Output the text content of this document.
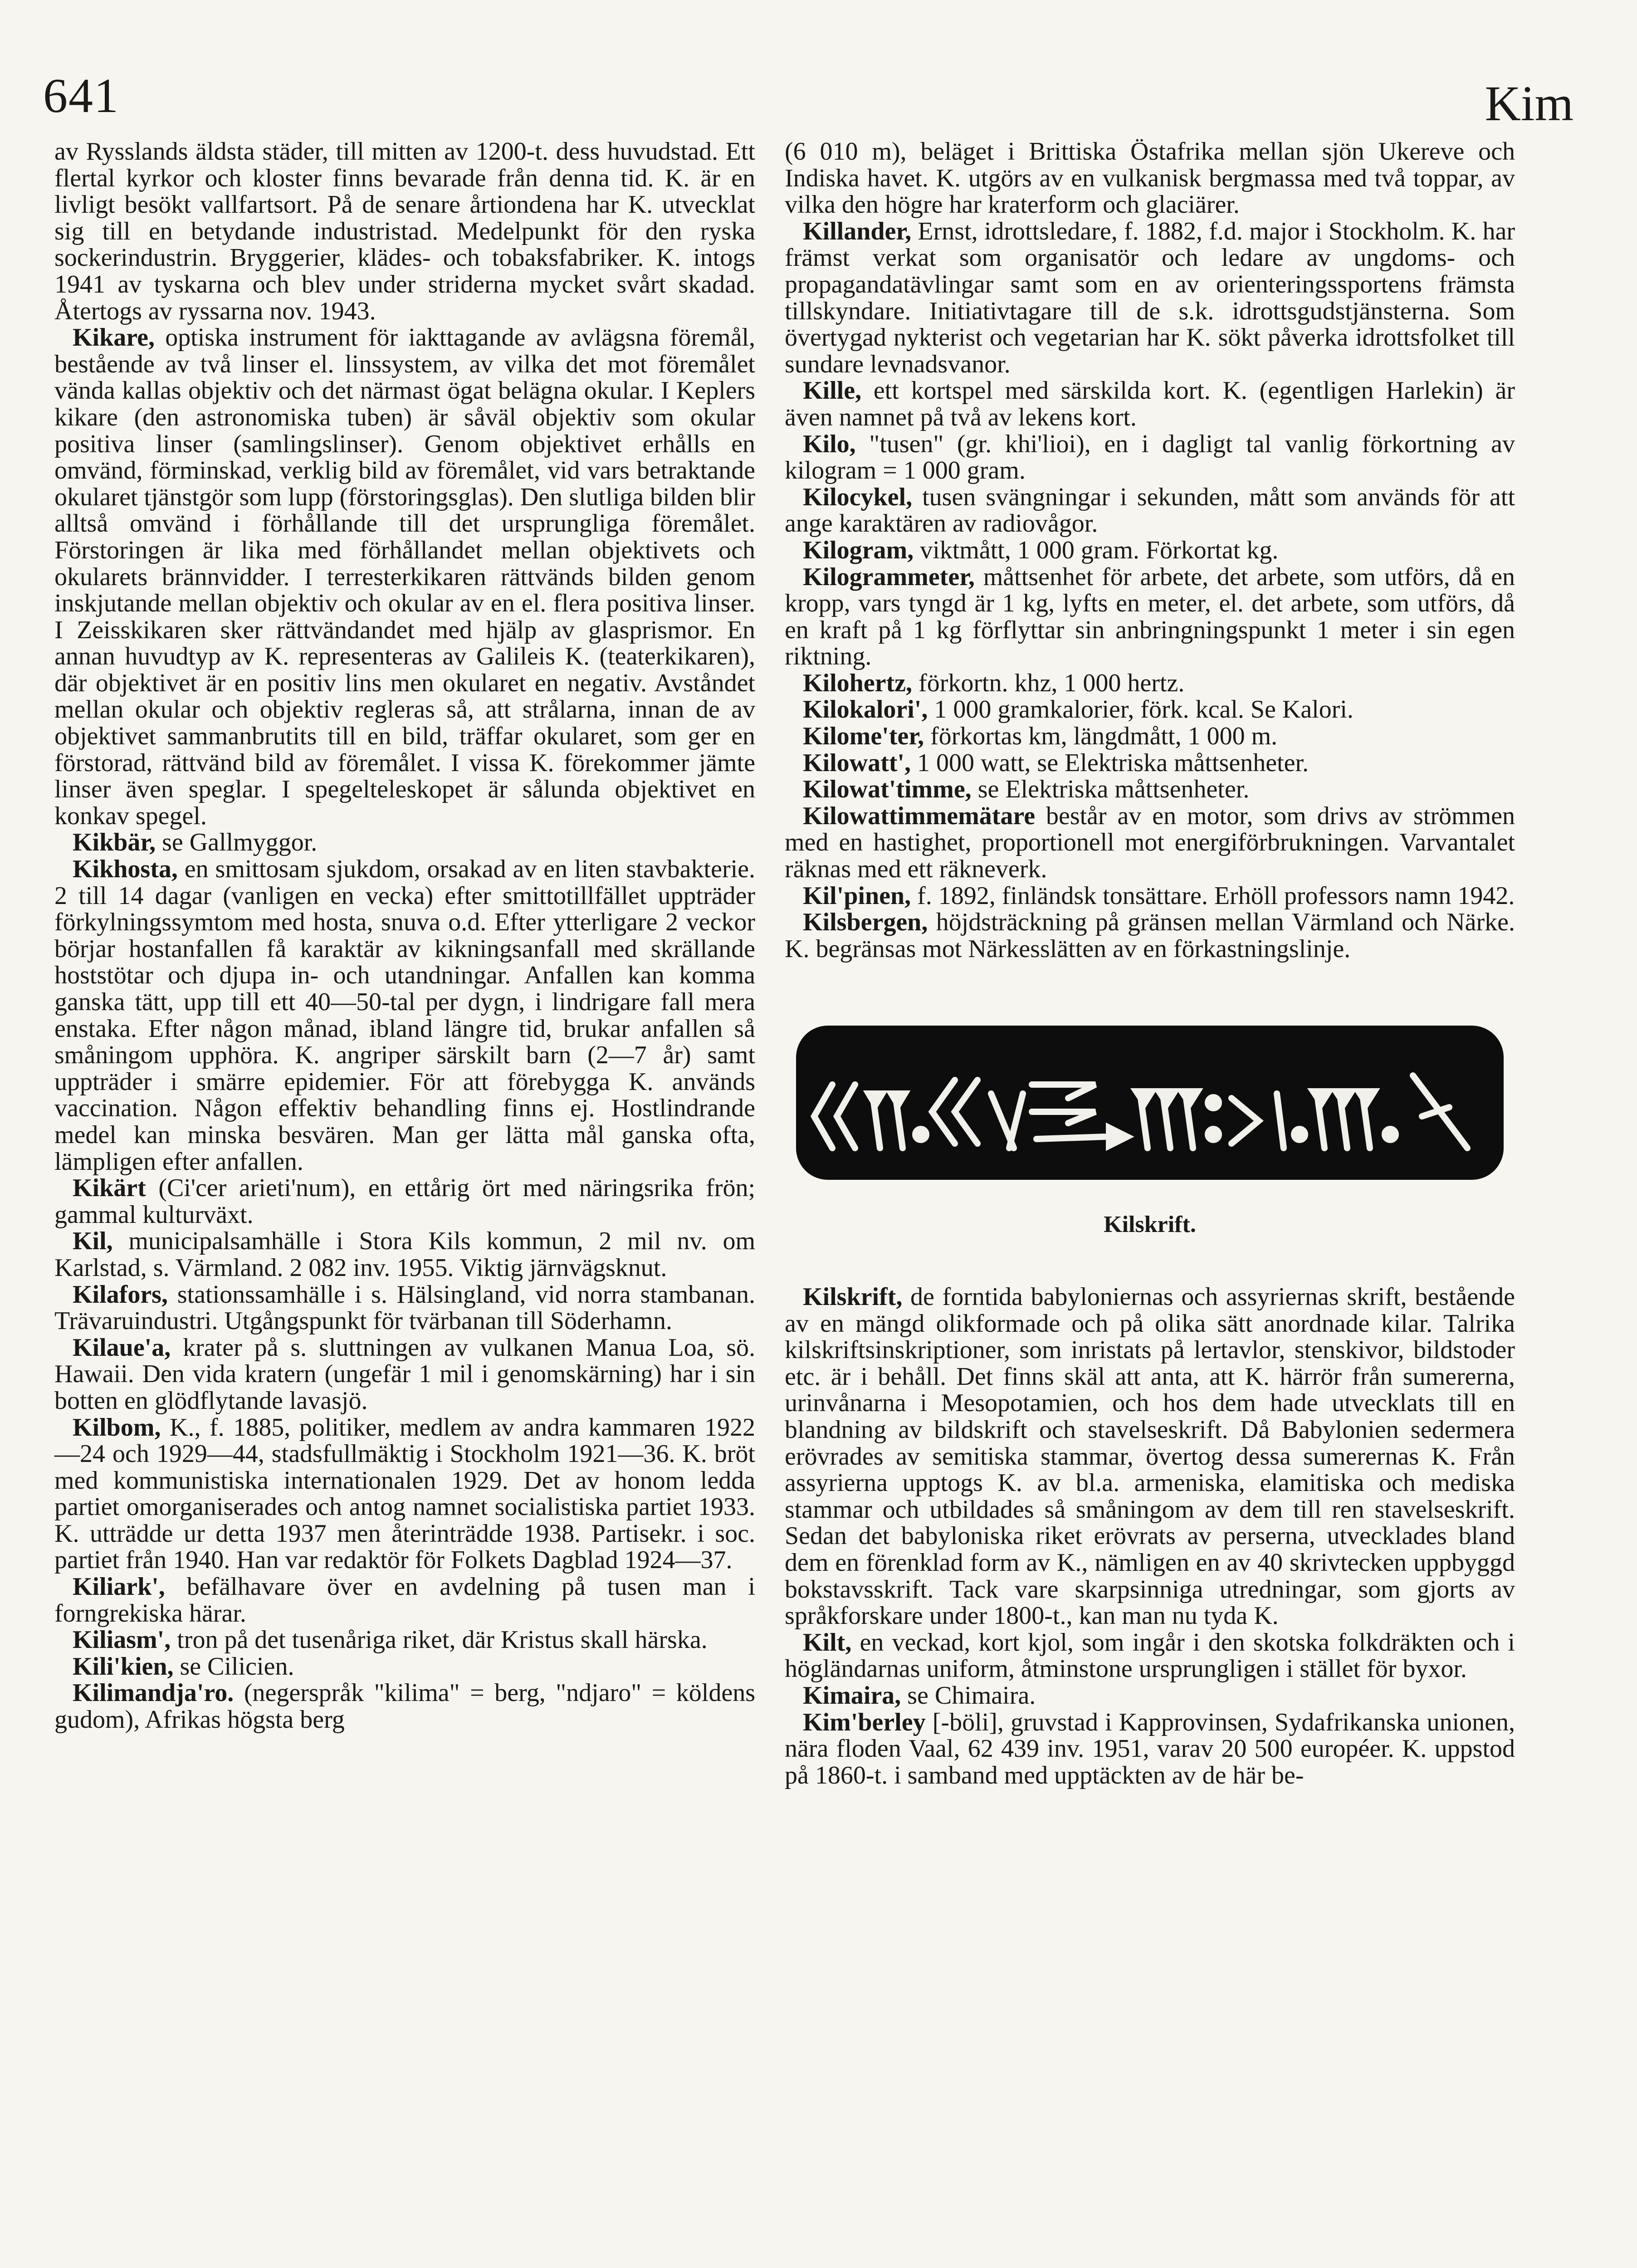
641	Kim

av Rysslands äldsta städer, till mitten av 1200-t. dess huvudstad. Ett flertal kyrkor och kloster finns bevarade från denna tid. K. är en livligt besökt vallfartsort. På de senare årtiondena har K. utvecklat sig till en betydande industristad. Medelpunkt för den ryska sockerindustrin. Bryggerier, klädes- och tobaksfabriker. K. intogs 1941 av tyskarna och blev under striderna mycket svårt skadad. Återtogs av ryssarna nov. 1943.

Kikare, optiska instrument för iakttagande av avlägsna föremål, bestående av två linser el. linssystem, av vilka det mot föremålet vända kallas objektiv och det närmast ögat belägna okular. I Keplers kikare (den astronomiska tuben) är såväl objektiv som okular positiva linser (samlingslinser). Genom objektivet erhålls en omvänd, förminskad, verklig bild av föremålet, vid vars betraktande okularet tjänstgör som lupp (förstoringsglas). Den slutliga bilden blir alltså omvänd i förhållande till det ursprungliga föremålet. Förstoringen är lika med förhållandet mellan objektivets och okularets brännvidder. I terresterkikaren rättvänds bilden genom inskjutande mellan objektiv och okular av en el. flera positiva linser. I Zeisskikaren sker rättvändandet med hjälp av glasprismor. En annan huvudtyp av K. representeras av Galileis K. (teaterkikaren), där objektivet är en positiv lins men okularet en negativ. Avståndet mellan okular och objektiv regleras så, att strålarna, innan de av objektivet sammanbrutits till en bild, träffar okularet, som ger en förstorad, rättvänd bild av föremålet. I vissa K. förekommer jämte linser även speglar. I spegelteleskopet är sålunda objektivet en konkav spegel.

Kikbär, se Gallmyggor.

Kikhosta, en smittosam sjukdom, orsakad av en liten stavbakterie. 2 till 14 dagar (vanligen en vecka) efter smittotillfället uppträder förkylningssymtom med hosta, snuva o.d. Efter ytterligare 2 veckor börjar hostanfallen få karaktär av kikningsanfall med skrällande hoststötar och djupa in- och utandningar. Anfallen kan komma ganska tätt, upp till ett 40—50-tal per dygn, i lindrigare fall mera enstaka. Efter någon månad, ibland längre tid, brukar anfallen så småningom upphöra. K. angriper särskilt barn (2—7 år) samt uppträder i smärre epidemier. För att förebygga K. används vaccination. Någon effektiv behandling finns ej. Hostlindrande medel kan minska besvären. Man ger lätta mål ganska ofta, lämpligen efter anfallen.

Kikärt (Ci'cer arieti'num), en ettårig ört med näringsrika frön; gammal kulturväxt.

Kil, municipalsamhälle i Stora Kils kommun, 2 mil nv. om Karlstad, s. Värmland. 2 082 inv. 1955. Viktig järnvägsknut.

Kilafors, stationssamhälle i s. Hälsingland, vid norra stambanan. Trävaruindustri. Utgångspunkt för tvärbanan till Söderhamn.

Kilaue'a, krater på s. sluttningen av vulkanen Manua Loa, sö. Hawaii. Den vida kratern (ungefär 1 mil i genomskärning) har i sin botten en glödflytande lavasjö.

Kilbom, K., f. 1885, politiker, medlem av andra kammaren 1922—24 och 1929—44, stadsfullmäktig i Stockholm 1921—36. K. bröt med kommunistiska internationalen 1929. Det av honom ledda partiet omorganiserades och antog namnet socialistiska partiet 1933. K. utträdde ur detta 1937 men återinträdde 1938. Partisekr. i soc. partiet från 1940. Han var redaktör för Folkets Dagblad 1924—37.

Kiliark', befälhavare över en avdelning på tusen man i forngrekiska härar.

Kiliasm', tron på det tusenåriga riket, där Kristus skall härska.

Kili'kien, se Cilicien.

Kilimandja'ro. (negerspråk "kilima" = berg, "ndjaro" = köldens gudom), Afrikas högsta berg

(6 010 m), beläget i Brittiska Östafrika mellan sjön Ukereve och Indiska havet. K. utgörs av en vulkanisk bergmassa med två toppar, av vilka den högre har kraterform och glaciärer.

Killander, Ernst, idrottsledare, f. 1882, f.d. major i Stockholm. K. har främst verkat som organisatör och ledare av ungdoms- och propagandatävlingar samt som en av orienteringssportens främsta tillskyndare. Initiativtagare till de s.k. idrottsgudstjänsterna. Som övertygad nykterist och vegetarian har K. sökt påverka idrottsfolket till sundare levnadsvanor.

Kille, ett kortspel med särskilda kort. K. (egentligen Harlekin) är även namnet på två av lekens kort.

Kilo, "tusen" (gr. khi'lioi), en i dagligt tal vanlig förkortning av kilogram = 1 000 gram.

Kilocykel, tusen svängningar i sekunden, mått som används för att ange karaktären av radiovågor.

Kilogram, viktmått, 1 000 gram. Förkortat kg.

Kilogrammeter, måttsenhet för arbete, det arbete, som utförs, då en kropp, vars tyngd är 1 kg, lyfts en meter, el. det arbete, som utförs, då en kraft på 1 kg förflyttar sin anbringningspunkt 1 meter i sin egen riktning.

Kilohertz, förkortn. khz, 1 000 hertz.

Kilokalori', 1 000 gramkalorier, förk. kcal. Se Kalori.

Kilome'ter, förkortas km, längdmått, 1 000 m.

Kilowatt', 1 000 watt, se Elektriska måttsenheter.

Kilowat'timme, se Elektriska måttsenheter.

Kilowattimmemätare består av en motor, som drivs av strömmen med en hastighet, proportionell mot energiförbrukningen. Varvantalet räknas med ett räkneverk.

Kil'pinen, f. 1892, finländsk tonsättare. Erhöll professors namn 1942.

Kilsbergen, höjdsträckning på gränsen mellan Värmland och Närke. K. begränsas mot Närkesslätten av en förkastningslinje.

Kilskrift.

Kilskrift, de forntida babyloniernas och assyriernas skrift, bestående av en mängd olikformade och på olika sätt anordnade kilar. Talrika kilskriftsinskriptioner, som inristats på lertavlor, stenskivor, bildstoder etc. är i behåll. Det finns skäl att anta, att K. härrör från sumererna, urinvånarna i Mesopotamien, och hos dem hade utvecklats till en blandning av bildskrift och stavelseskrift. Då Babylonien sedermera erövrades av semitiska stammar, övertog dessa sumerernas K. Från assyrierna upptogs K. av bl.a. armeniska, elamitiska och mediska stammar och utbildades så småningom av dem till ren stavelseskrift. Sedan det babyloniska riket erövrats av perserna, utvecklades bland dem en förenklad form av K., nämligen en av 40 skrivtecken uppbyggd bokstavsskrift. Tack vare skarpsinniga utredningar, som gjorts av språkforskare under 1800-t., kan man nu tyda K.

Kilt, en veckad, kort kjol, som ingår i den skotska folkdräkten och i högländarnas uniform, åtminstone ursprungligen i stället för byxor.

Kimaira, se Chimaira.

Kim'berley [-böli], gruvstad i Kapprovinsen, Sydafrikanska unionen, nära floden Vaal, 62 439 inv. 1951, varav 20 500 européer. K. uppstod på 1860-t. i samband med upptäckten av de här be-
